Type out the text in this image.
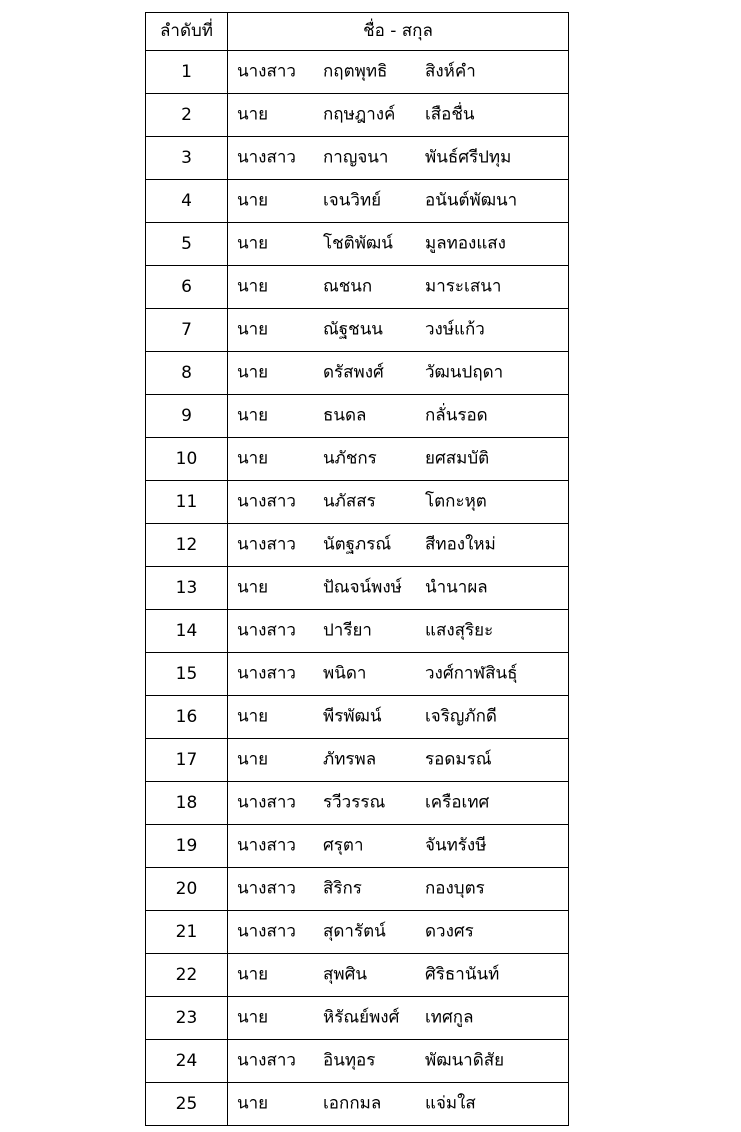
ลำดับที่	ชื่อ - สกุล
1	นางสาว กฤตพุทธิ สิงห์คำ

2	นาย กฤษฎางค์ เสือชื่น

3	นางสาว กาญจนา พันธ์ศรีปทุม

4	นาย เจนวิทย์ อนันต์พัฒนา

5	นาย โชติพัฒน์ มูลทองแสง

6	นาย ณชนก มาระเสนา

7	นาย ณัฐชนน วงษ์แก้ว

8	นาย ดรัสพงศ์ วัฒนปฤดา

9	นาย ธนดล กลั่นรอด

10	นาย นภัชกร ยศสมบัติ

11	นางสาว นภัสสร โตกะหุต

12	นางสาว นัตฐภรณ์ สีทองใหม่

13	นาย ปัณจน์พงษ์ นำนาผล

14	นางสาว ปารียา แสงสุริยะ

15	นางสาว พนิดา วงศ์กาฬสินธุ์

16	นาย พีรพัฒน์ เจริญภักดี

17	นาย ภัทรพล รอดมรณ์

18	นางสาว รวีวรรณ เครือเทศ

19	นางสาว ศรุตา จันทรังษี

20	นางสาว สิริกร กองบุตร

21	นางสาว สุดารัตน์ ดวงศร

22	นาย สุพศิน ศิริธานันท์

23	นาย หิรัณย์พงศ์ เทศกูล

24	นางสาว อินทุอร พัฒนาดิสัย

25	นาย เอกกมล แจ่มใส
